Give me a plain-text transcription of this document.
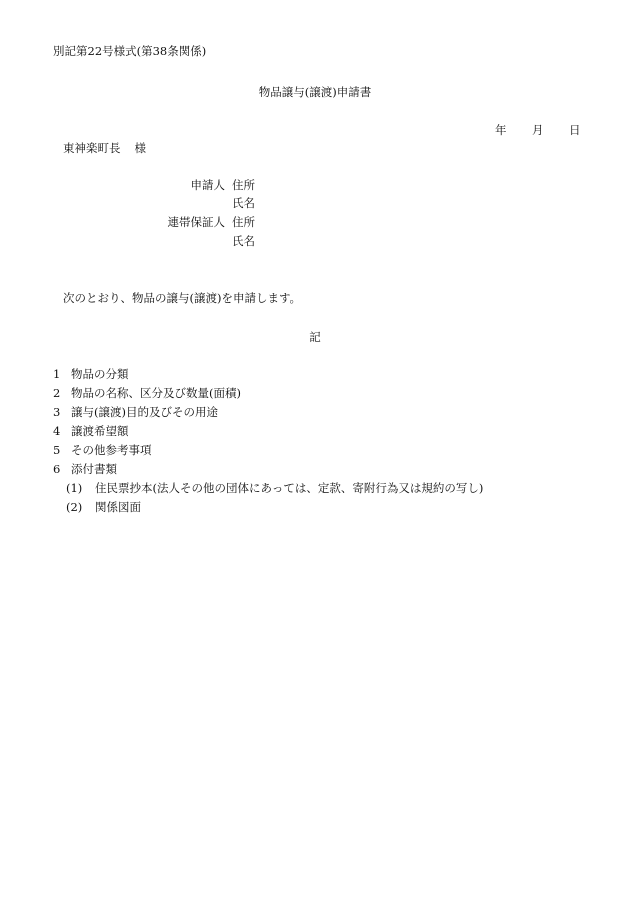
別記第22号様式(第38条関係)
物品譲与(譲渡)申請書
年 月 日
東神楽町長 様
申請人 住所
氏名
連帯保証人 住所
氏名
次のとおり、物品の譲与(譲渡)を申請します。
記
1 物品の分類
2 物品の名称、区分及び数量(面積)
3 譲与(譲渡)目的及びその用途
4 譲渡希望額
5 その他参考事項
6 添付書類
(1) 住民票抄本(法人その他の団体にあっては、定款、寄附行為又は規約の写し)
(2) 関係図面
